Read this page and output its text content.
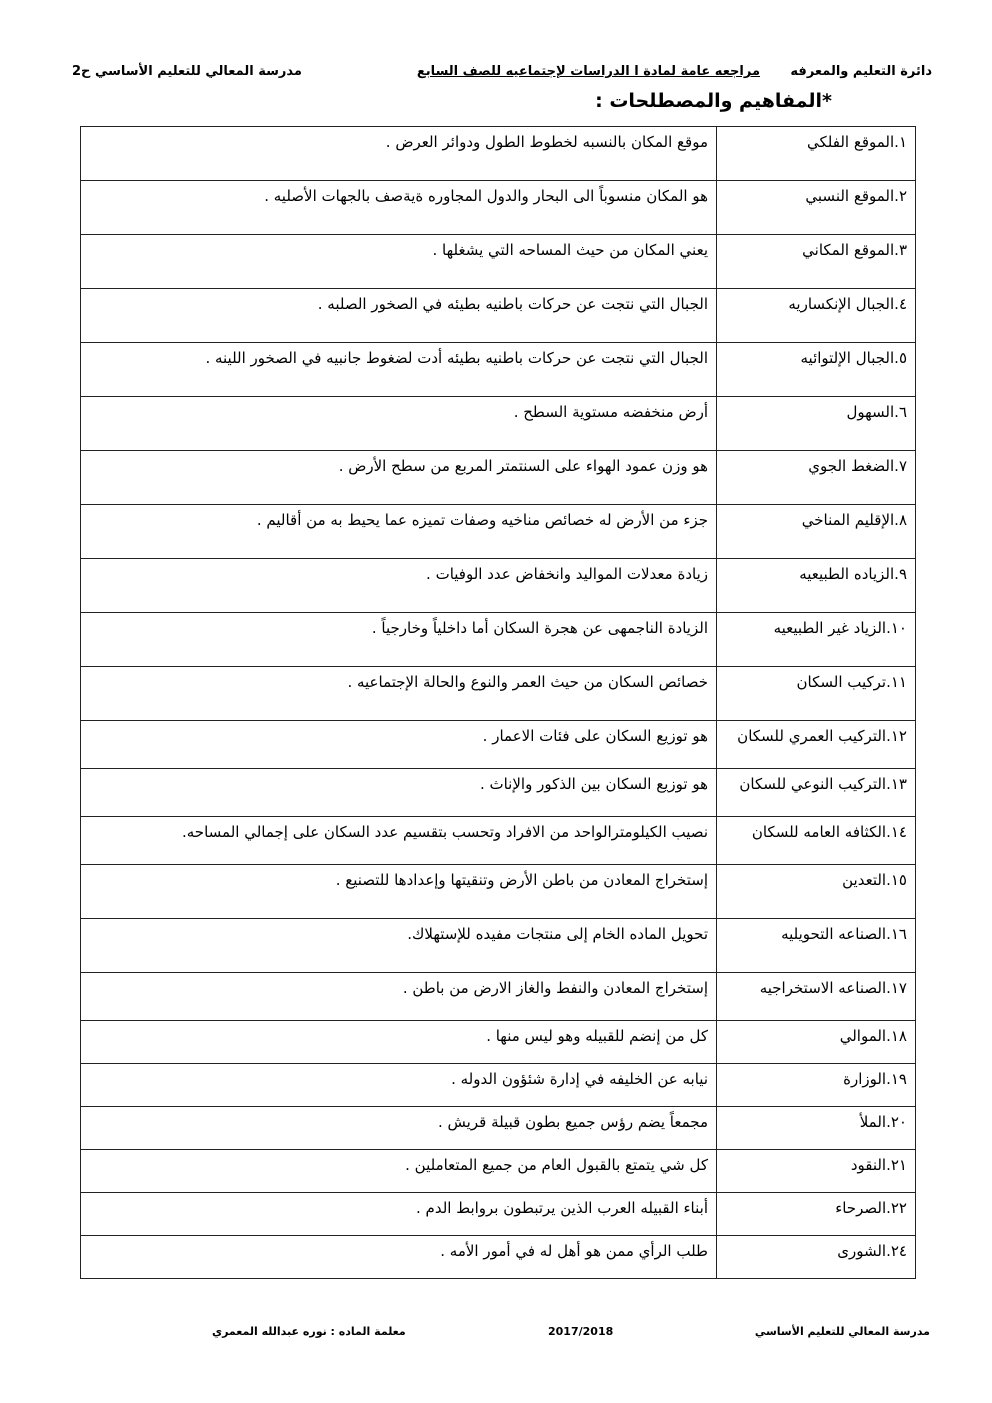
دائرة التعليم والمعرفه
مراجعه عامة لمادة ا الدراسات لإجتماعيه للصف السابع
مدرسة المعالي للتعليم الأساسي ح2
*المفاهيم والمصطلحات :
١.الموقع الفلكي	موقع المكان بالنسبه لخطوط الطول ودوائر العرض .
٢.الموقع النسبي	هو المكان منسوباً الى البحار والدول المجاوره ةيةصف بالجهات الأصليه .
٣.الموقع المكاني	يعني المكان من حيث المساحه التي يشغلها .
٤.الجبال الإنكساريه	الجبال التي نتجت عن حركات باطنيه بطيئه في الصخور الصلبه .
٥.الجبال الإلتوائيه	الجبال التي نتجت عن حركات باطنيه بطيئه أدت لضغوط جانبيه في الصخور اللينه .
٦.السهول	أرض منخفضه مستوية السطح .
٧.الضغط الجوي	هو وزن عمود الهواء على السنتمتر المربع من سطح الأرض .
٨.الإقليم المناخي	جزء من الأرض له خصائص مناخيه وصفات تميزه عما يحيط به من أقاليم .
٩.الزياده الطبيعيه	زيادة معدلات المواليد وانخفاض عدد الوفيات .
١٠.الزياد غير الطبيعيه	الزيادة الناجمهى عن هجرة السكان أما داخلياً وخارجياً .
١١.تركيب السكان	خصائص السكان من حيث العمر والنوع والحالة الإجتماعيه .
١٢.التركيب العمري للسكان	هو توزيع السكان على فئات الاعمار .
١٣.التركيب النوعي للسكان	هو توزيع السكان بين الذكور والإناث .
١٤.الكثافه العامه للسكان	نصيب الكيلومترالواحد من الافراد وتحسب بتقسيم عدد السكان على إجمالي المساحه.
١٥.التعدين	إستخراج المعادن من باطن الأرض وتنقيتها وإعدادها للتصنيع .
١٦.الصناعه التحويليه	تحويل الماده الخام إلى منتجات مفيده للإستهلاك.
١٧.الصناعه الاستخراجيه	إستخراج المعادن والنفط والغاز الارض من باطن .
١٨.الموالي	كل من إنضم للقبيله وهو ليس منها .
١٩.الوزارة	نيابه عن الخليفه في إدارة شئؤون الدوله .
٢٠.الملأ	مجمعاً يضم رؤس جميع بطون قبيلة قريش .
٢١.النقود	كل شي يتمتع بالقبول العام من جميع المتعاملين .
٢٢.الصرحاء	أبناء القبيله العرب الذين يرتبطون بروابط الدم .
٢٤.الشورى	طلب الرأي ممن هو أهل له في أمور الأمه .
مدرسة المعالي للتعليم الأساسي
2017/2018
معلمة الماده : نوره عبدالله المعمري
